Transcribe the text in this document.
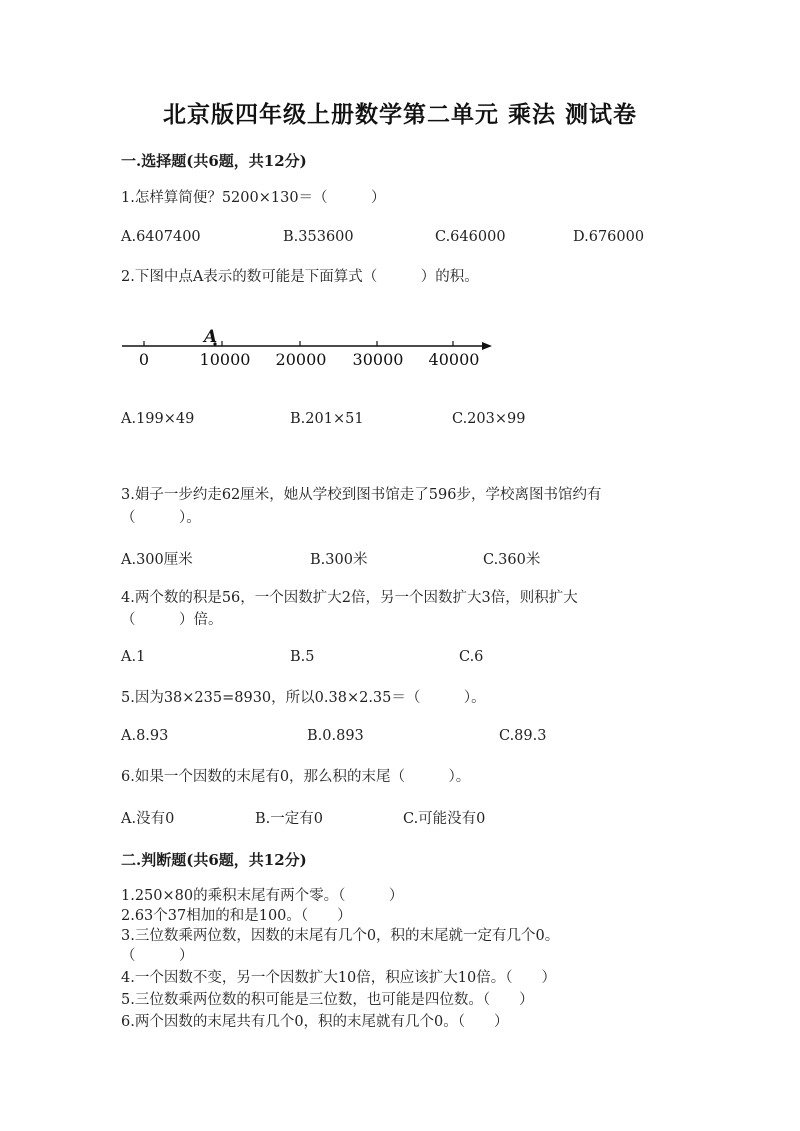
北京版四年级上册数学第二单元 乘法 测试卷
一.选择题(共6题，共12分)
1.怎样算简便？5200×130＝（　　　）
A.6407400	B.353600	C.646000	D.676000
2.下图中点A表示的数可能是下面算式（　　　）的积。
A
0	10000 20000 30000 40000
A.199×49	B.201×51	C.203×99
3.娟子一步约走62厘米，她从学校到图书馆走了596步，学校离图书馆约有
（　　　）。
A.300厘米	B.300米	C.360米
4.两个数的积是56，一个因数扩大2倍，另一个因数扩大3倍，则积扩大
（　　　）倍。
A.1	B.5	C.6
5.因为38×235=8930，所以0.38×2.35＝（　　　）。
A.8.93	B.0.893	C.89.3
6.如果一个因数的末尾有0，那么积的末尾（　　　）。
A.没有0	B.一定有0	C.可能没有0
二.判断题(共6题，共12分)
1.250×80的乘积末尾有两个零。（　　　）
2.63个37相加的和是100。（　　）
3.三位数乘两位数，因数的末尾有几个0，积的末尾就一定有几个0。
（　　　）
4.一个因数不变，另一个因数扩大10倍，积应该扩大10倍。（　　）
5.三位数乘两位数的积可能是三位数，也可能是四位数。（　　）
6.两个因数的末尾共有几个0，积的末尾就有几个0。（　　）
